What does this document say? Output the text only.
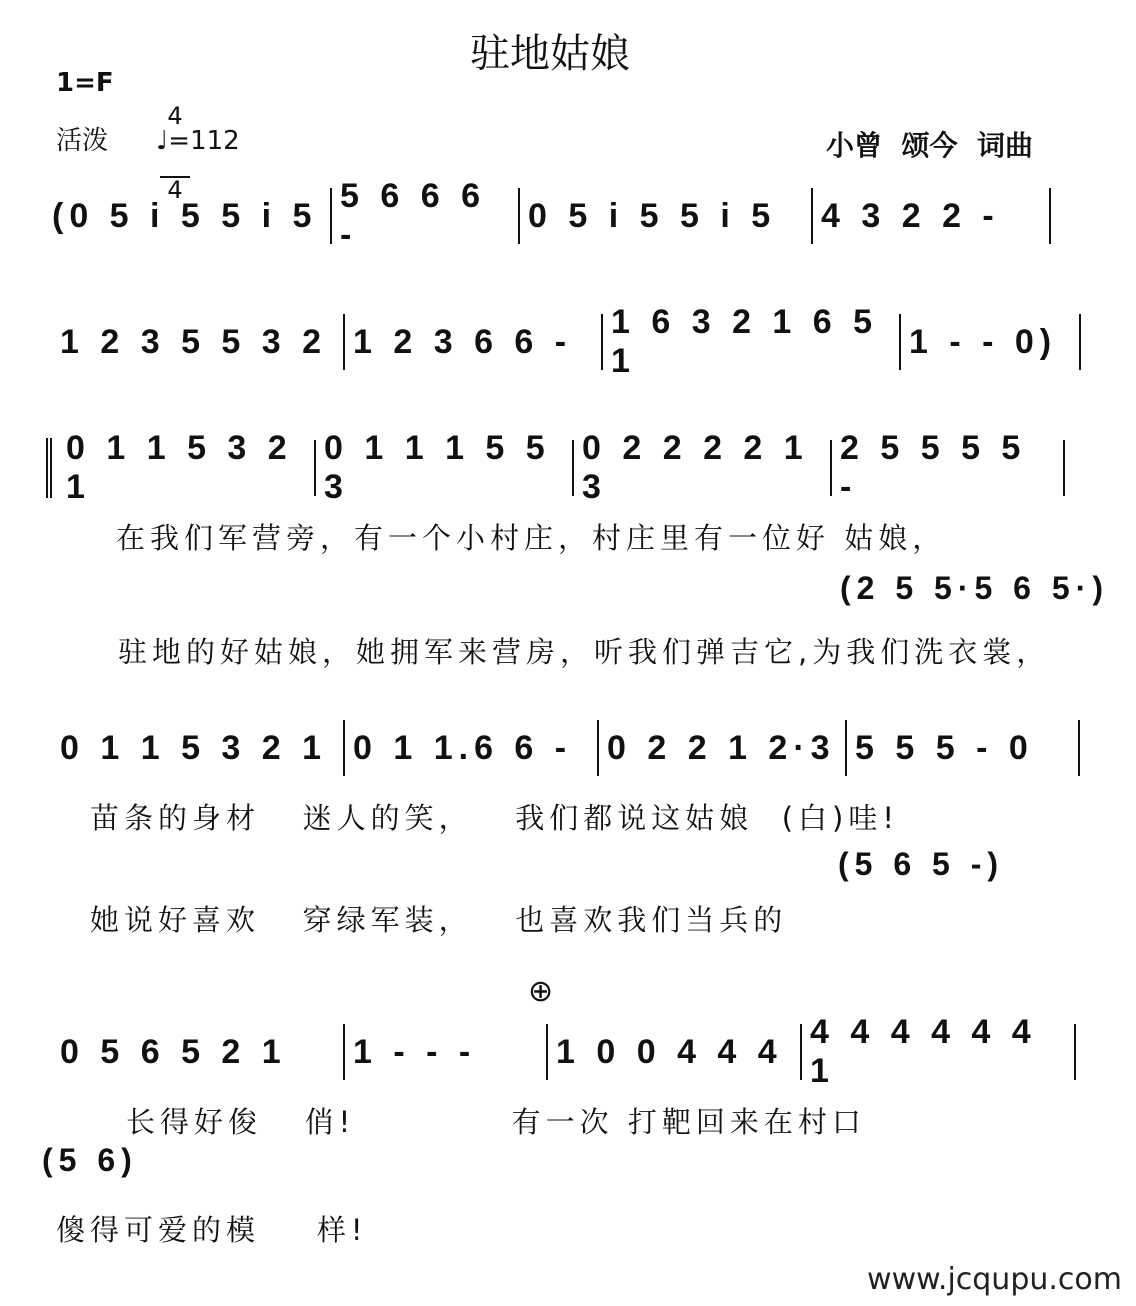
驻地姑娘
1=F

4

4

活泼 ♩=112	小曾  颂今  词曲
(0 5 i 5 5 i 5
5 6 6 6 -
0 5 i 5 5 i 5	4 3 2 2 -
1 2 3 5 5 3 2 1 2 3 6 6 -
1 6 3 2 1 6 5 1
1 - - 0)
0 1 1 5 3 2 1
0 1 1 1 5 5 3
0 2 2 2 2 1 3
2 5 5 5 5 -
在我们军营旁，有一个小村庄，村庄里有一位好 姑娘，
(2 5 5·5 6 5·)
驻地的好姑娘，她拥军来营房，听我们弹吉它,为我们洗衣裳，
0 1 1 5 3 2 1 0 1 1.6 6 -	0 2 2 1 2·3 5 5 5 - 0
苗条的身材   迷人的笑，   我们都说这姑娘  (白)哇!
(5 6 5 -)
她说好喜欢   穿绿军装，   也喜欢我们当兵的
⊕
0 5 6 5 2 1	1 - - -	1 0 0 4 4 4
4 4 4 4 4 4 1
长得好俊   俏!           有一次 打靶回来在村口
(5 6)
傻得可爱的模    样!
www.jcqupu.com
